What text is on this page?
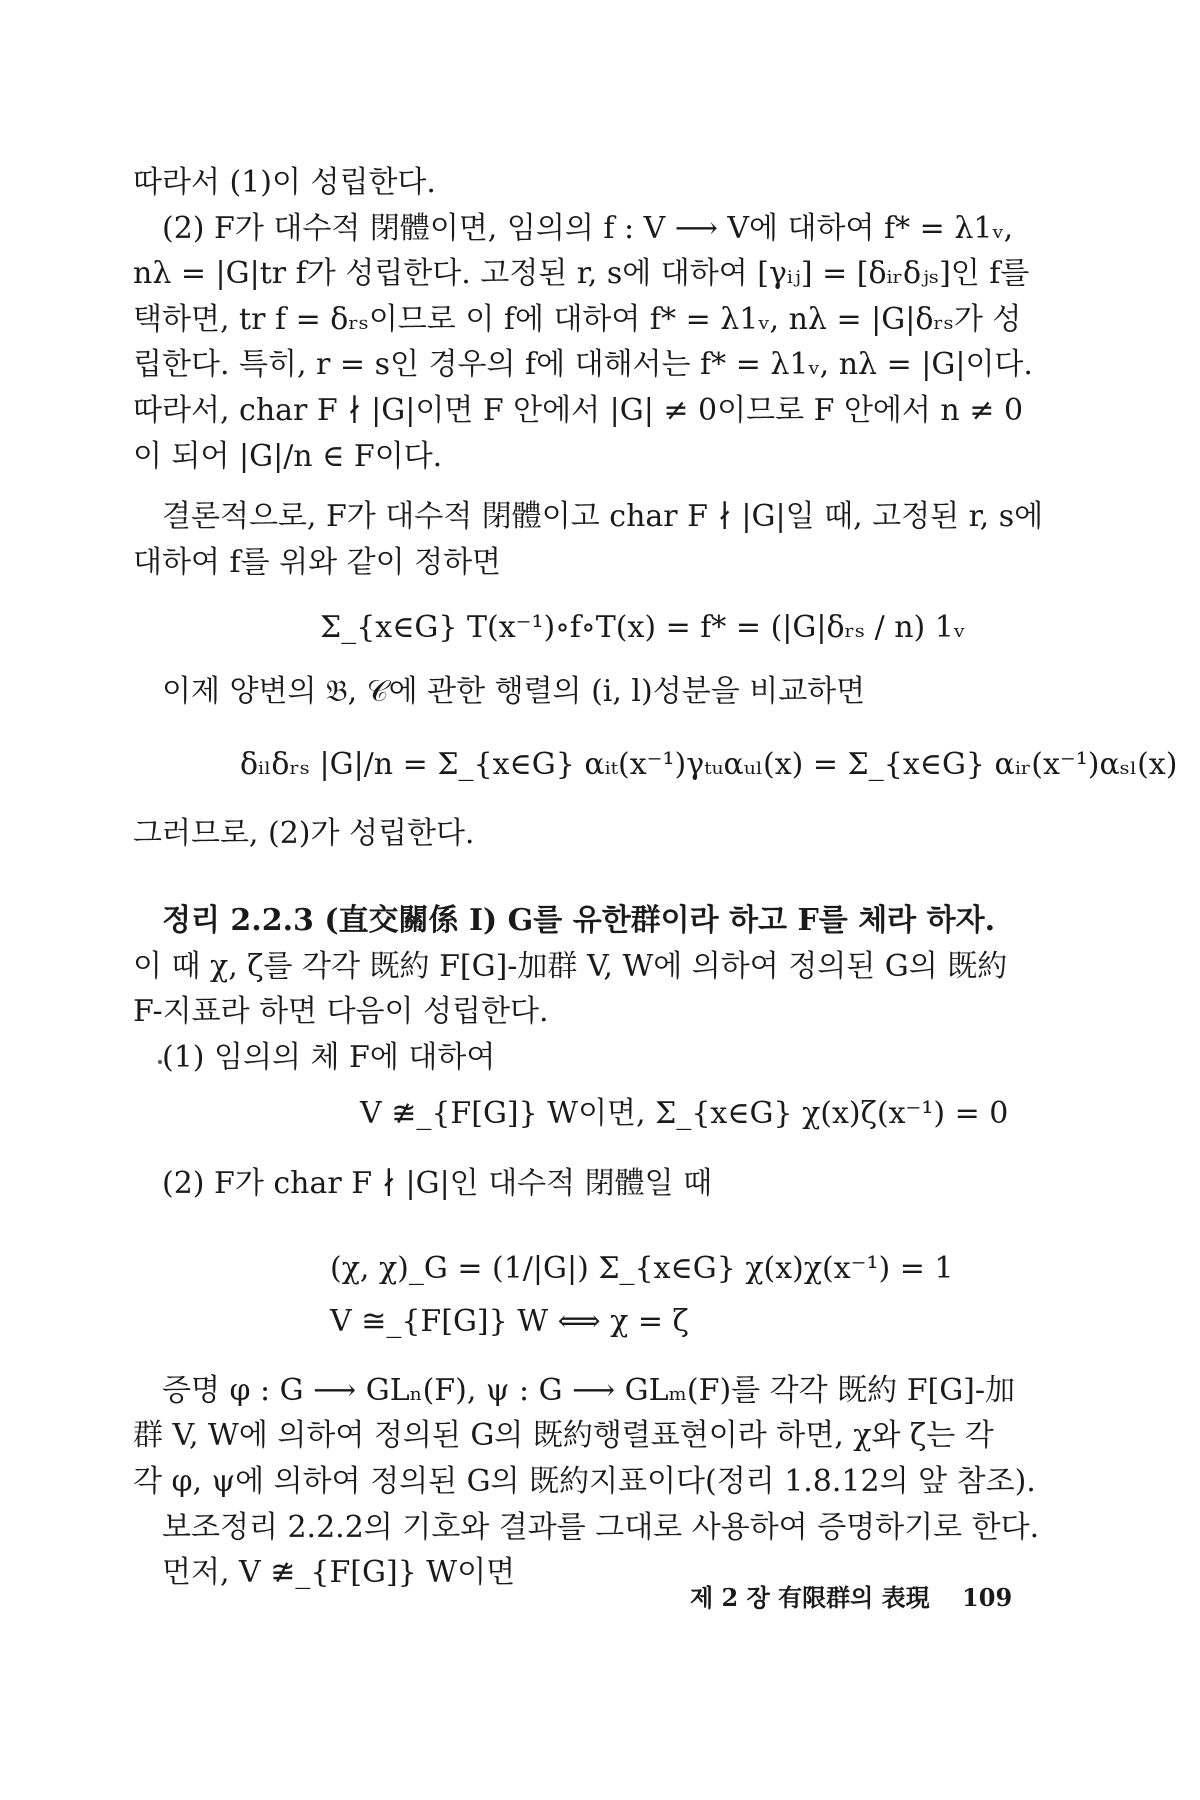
따라서 (1)이 성립한다.
(2) F가 대수적 閉體이면, 임의의 f : V ⟶ V에 대하여 f* = λ1ᵥ,
nλ = |G|tr f가 성립한다. 고정된 r, s에 대하여 [γᵢⱼ] = [δᵢᵣδⱼₛ]인 f를
택하면, tr f = δᵣₛ이므로 이 f에 대하여 f* = λ1ᵥ, nλ = |G|δᵣₛ가 성
립한다. 특히, r = s인 경우의 f에 대해서는 f* = λ1ᵥ, nλ = |G|이다.
따라서, char F ∤ |G|이면 F 안에서 |G| ≠ 0이므로 F 안에서 n ≠ 0
이 되어 |G|/n ∈ F이다.
결론적으로, F가 대수적 閉體이고 char F ∤ |G|일 때, 고정된 r, s에
대하여 f를 위와 같이 정하면
Σ_{x∈G} T(x⁻¹)∘f∘T(x) = f* = (|G|δᵣₛ / n) 1ᵥ
이제 양변의 𝔅, 𝒞에 관한 행렬의 (i, l)성분을 비교하면
δᵢₗδᵣₛ |G|/n = Σ_{x∈G} αᵢₜ(x⁻¹)γₜᵤαᵤₗ(x) = Σ_{x∈G} αᵢᵣ(x⁻¹)αₛₗ(x)
그러므로, (2)가 성립한다.
정리 2.2.3 (直交關係 I) G를 유한群이라 하고 F를 체라 하자.
이 때 χ, ζ를 각각 既約 F[G]-加群 V, W에 의하여 정의된 G의 既約
F-지표라 하면 다음이 성립한다.
(1) 임의의 체 F에 대하여
V ≇_{F[G]} W이면, Σ_{x∈G} χ(x)ζ(x⁻¹) = 0
(2) F가 char F ∤ |G|인 대수적 閉體일 때
(χ, χ)_G = (1/|G|) Σ_{x∈G} χ(x)χ(x⁻¹) = 1
V ≅_{F[G]} W ⟺ χ = ζ
증명 φ : G ⟶ GLₙ(F), ψ : G ⟶ GLₘ(F)를 각각 既約 F[G]-加
群 V, W에 의하여 정의된 G의 既約행렬표현이라 하면, χ와 ζ는 각
각 φ, ψ에 의하여 정의된 G의 既約지표이다(정리 1.8.12의 앞 참조).
보조정리 2.2.2의 기호와 결과를 그대로 사용하여 증명하기로 한다.
먼저, V ≇_{F[G]} W이면
제 2 장 有限群의 表現 109
